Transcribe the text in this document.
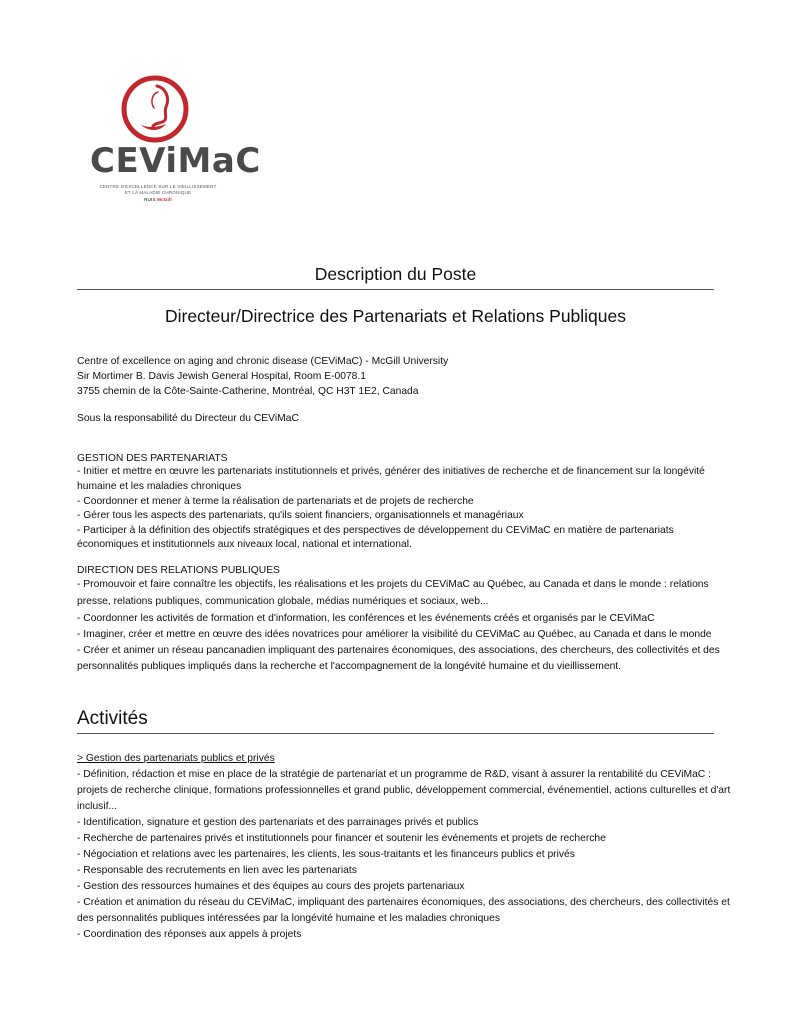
CEViMaC
CENTRE D'EXCELLENCE SUR LE VIEILLISSEMENT
ET LA MALADIE CHRONIQUE
RUIS McGill
Description du Poste
Directeur/Directrice des Partenariats et Relations Publiques
Centre of excellence on aging and chronic disease (CEViMaC) - McGill University
Sir Mortimer B. Davis Jewish General Hospital, Room E-0078.1
3755 chemin de la Côte-Sainte-Catherine, Montréal, QC H3T 1E2, Canada
Sous la responsabilité du Directeur du CEViMaC
GESTION DES PARTENARIATS
- Initier et mettre en œuvre les partenariats institutionnels et privés, générer des initiatives de recherche et de financement sur la longévité
humaine et les maladies chroniques
- Coordonner et mener à terme la réalisation de partenariats et de projets de recherche
- Gérer tous les aspects des partenariats, qu'ils soient financiers, organisationnels et managériaux
- Participer à la définition des objectifs stratégiques et des perspectives de développement du CEViMaC en matière de partenariats
économiques et institutionnels aux niveaux local, national et international.
DIRECTION DES RELATIONS PUBLIQUES
- Promouvoir et faire connaître les objectifs, les réalisations et les projets du CEViMaC au Québec, au Canada et dans le monde : relations
presse, relations publiques, communication globale, médias numériques et sociaux, web...
- Coordonner les activités de formation et d'information, les conférences et les événements créés et organisés par le CEViMaC
- Imaginer, créer et mettre en œuvre des idées novatrices pour améliorer la visibilité du CEViMaC au Québec, au Canada et dans le monde
- Créer et animer un réseau pancanadien impliquant des partenaires économiques, des associations, des chercheurs, des collectivités et des
personnalités publiques impliqués dans la recherche et l'accompagnement de la longévité humaine et du vieillissement.
Activités
> Gestion des partenariats publics et privés
- Définition, rédaction et mise en place de la stratégie de partenariat et un programme de R&D, visant à assurer la rentabilité du CEViMaC :
projets de recherche clinique, formations professionnelles et grand public, développement commercial, événementiel, actions culturelles et d'art
inclusif...
- Identification, signature et gestion des partenariats et des parrainages privés et publics
- Recherche de partenaires privés et institutionnels pour financer et soutenir les événements et projets de recherche
- Négociation et relations avec les partenaires, les clients, les sous-traitants et les financeurs publics et privés
- Responsable des recrutements en lien avec les partenariats
- Gestion des ressources humaines et des équipes au cours des projets partenariaux
- Création et animation du réseau du CEViMaC, impliquant des partenaires économiques, des associations, des chercheurs, des collectivités et
des personnalités publiques intéressées par la longévité humaine et les maladies chroniques
- Coordination des réponses aux appels à projets
